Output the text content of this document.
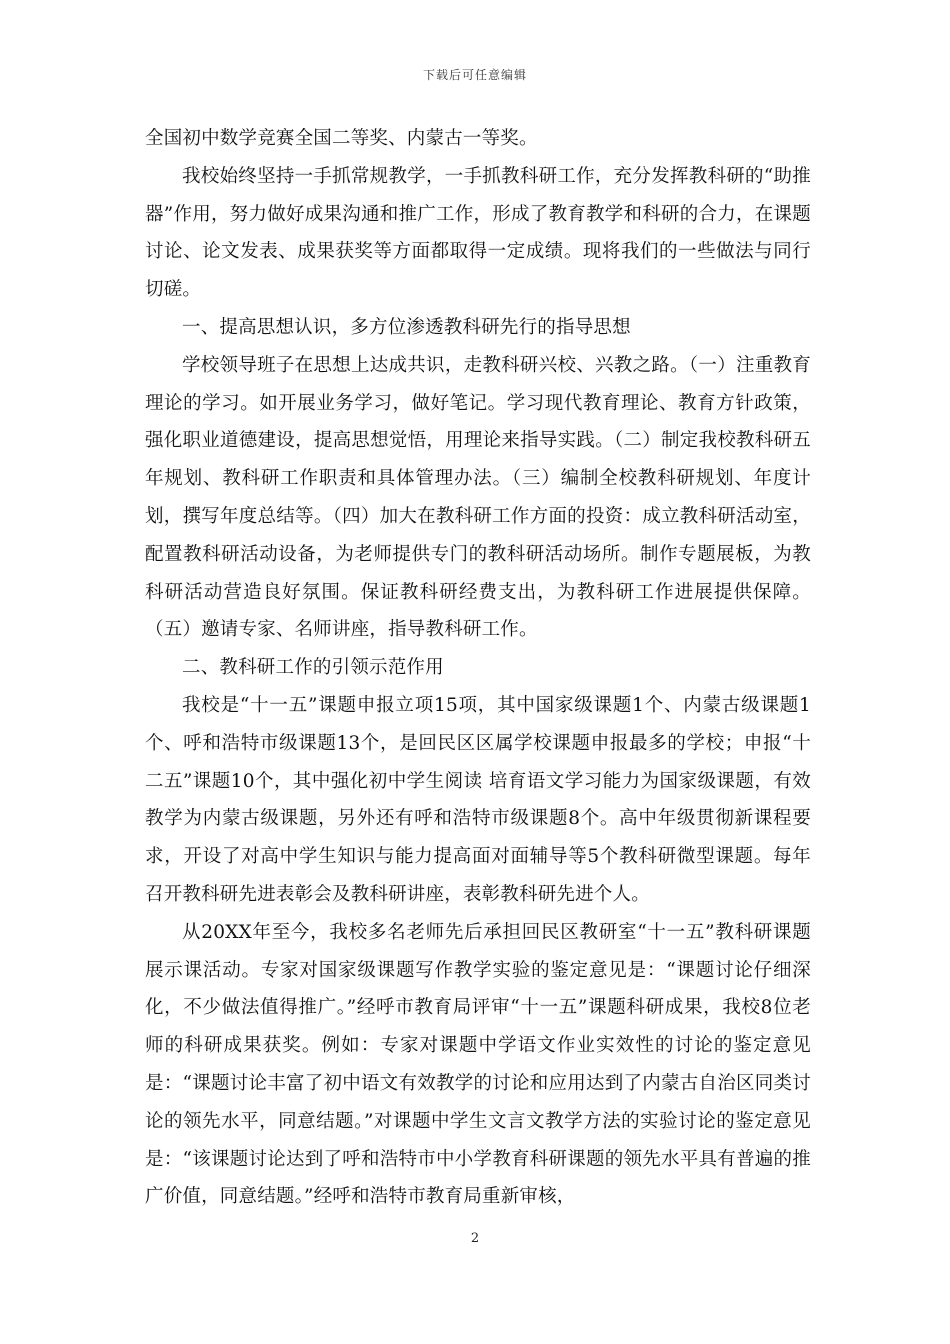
下载后可任意编辑

全国初中数学竞赛全国二等奖、内蒙古一等奖。

我校始终坚持一手抓常规教学，一手抓教科研工作，充分发挥教科研的“助推器”作用，努力做好成果沟通和推广工作，形成了教育教学和科研的合力，在课题讨论、论文发表、成果获奖等方面都取得一定成绩。现将我们的一些做法与同行切磋。

一、提高思想认识，多方位渗透教科研先行的指导思想

学校领导班子在思想上达成共识，走教科研兴校、兴教之路。（一）注重教育理论的学习。如开展业务学习，做好笔记。学习现代教育理论、教育方针政策，强化职业道德建设，提高思想觉悟，用理论来指导实践。（二）制定我校教科研五年规划、教科研工作职责和具体管理办法。（三）编制全校教科研规划、年度计划，撰写年度总结等。（四）加大在教科研工作方面的投资：成立教科研活动室，配置教科研活动设备，为老师提供专门的教科研活动场所。制作专题展板，为教科研活动营造良好氛围。保证教科研经费支出，为教科研工作进展提供保障。（五）邀请专家、名师讲座，指导教科研工作。

二、教科研工作的引领示范作用

我校是“十一五”课题申报立项15项，其中国家级课题1个、内蒙古级课题1个、呼和浩特市级课题13个，是回民区区属学校课题申报最多的学校；申报“十二五”课题10个，其中强化初中学生阅读 培育语文学习能力为国家级课题，有效教学为内蒙古级课题，另外还有呼和浩特市级课题8个。高中年级贯彻新课程要求，开设了对高中学生知识与能力提高面对面辅导等5个教科研微型课题。每年召开教科研先进表彰会及教科研讲座，表彰教科研先进个人。

从20XX年至今，我校多名老师先后承担回民区教研室“十一五”教科研课题展示课活动。专家对国家级课题写作教学实验的鉴定意见是：“课题讨论仔细深化，不少做法值得推广。”经呼市教育局评审“十一五”课题科研成果，我校8位老师的科研成果获奖。例如：专家对课题中学语文作业实效性的讨论的鉴定意见是：“课题讨论丰富了初中语文有效教学的讨论和应用达到了内蒙古自治区同类讨论的领先水平，同意结题。”对课题中学生文言文教学方法的实验讨论的鉴定意见是：“该课题讨论达到了呼和浩特市中小学教育科研课题的领先水平具有普遍的推广价值，同意结题。”经呼和浩特市教育局重新审核，

2
